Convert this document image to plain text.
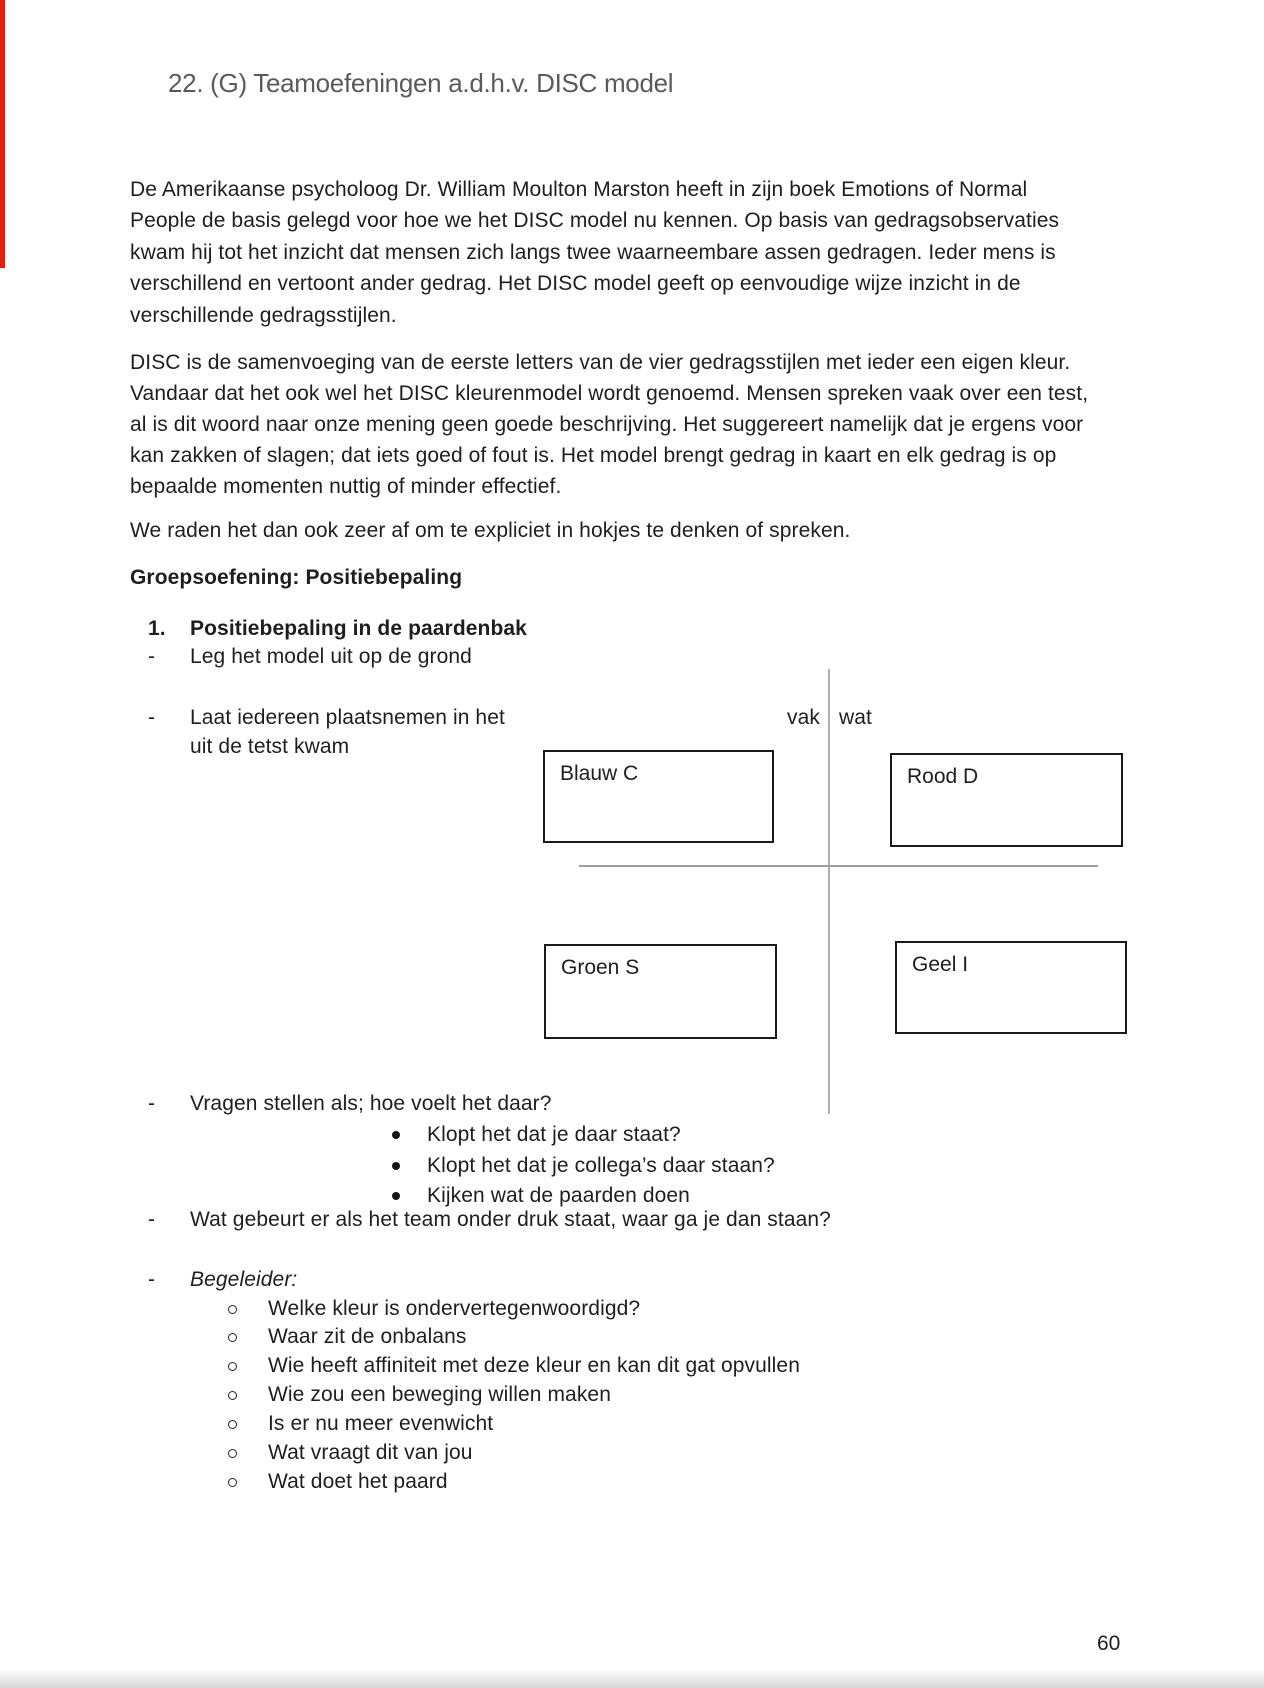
22. (G) Teamoefeningen a.d.h.v. DISC model
De Amerikaanse psycholoog Dr. William Moulton Marston heeft in zijn boek Emotions of Normal
People de basis gelegd voor hoe we het DISC model nu kennen. Op basis van gedragsobservaties
kwam hij tot het inzicht dat mensen zich langs twee waarneembare assen gedragen. Ieder mens is
verschillend en vertoont ander gedrag. Het DISC model geeft op eenvoudige wijze inzicht in de
verschillende gedragsstijlen.
DISC is de samenvoeging van de eerste letters van de vier gedragsstijlen met ieder een eigen kleur.
Vandaar dat het ook wel het DISC kleurenmodel wordt genoemd. Mensen spreken vaak over een test,
al is dit woord naar onze mening geen goede beschrijving. Het suggereert namelijk dat je ergens voor
kan zakken of slagen; dat iets goed of fout is. Het model brengt gedrag in kaart en elk gedrag is op
bepaalde momenten nuttig of minder effectief.
We raden het dan ook zeer af om te expliciet in hokjes te denken of spreken.
Groepsoefening: Positiebepaling
1. Positiebepaling in de paardenbak
- Leg het model uit op de grond
- Laat iedereen plaatsnemen in het	vak wat
uit de tetst kwam
Blauw C	Rood D
Groen S	Geel I
- Vragen stellen als; hoe voelt het daar?
Klopt het dat je daar staat?
Klopt het dat je collega’s daar staan?
Kijken wat de paarden doen
- Wat gebeurt er als het team onder druk staat, waar ga je dan staan?
- Begeleider:
Welke kleur is ondervertegenwoordigd?
Waar zit de onbalans
Wie heeft affiniteit met deze kleur en kan dit gat opvullen
Wie zou een beweging willen maken
Is er nu meer evenwicht
Wat vraagt dit van jou
Wat doet het paard
60
